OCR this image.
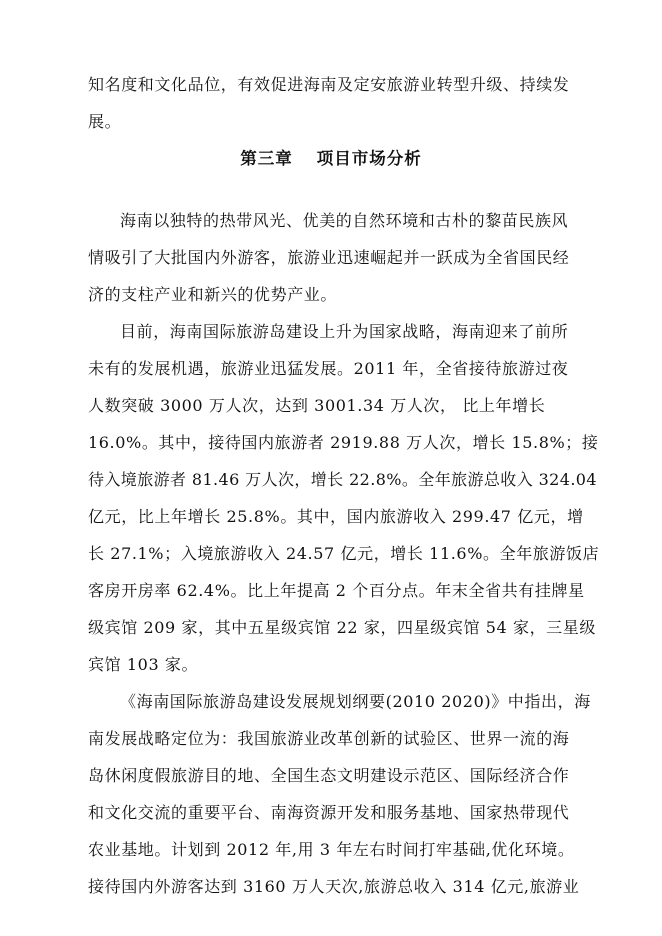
知名度和文化品位，有效促进海南及定安旅游业转型升级、持续发
展。
第三章 项目市场分析
海南以独特的热带风光、优美的自然环境和古朴的黎苗民族风
情吸引了大批国内外游客，旅游业迅速崛起并一跃成为全省国民经
济的支柱产业和新兴的优势产业。
目前，海南国际旅游岛建设上升为国家战略，海南迎来了前所
未有的发展机遇，旅游业迅猛发展。2011 年，全省接待旅游过夜
人数突破 3000 万人次，达到 3001.34 万人次， 比上年增长
16.0%。其中，接待国内旅游者 2919.88 万人次，增长 15.8%；接
待入境旅游者 81.46 万人次，增长 22.8%。全年旅游总收入 324.04
亿元，比上年增长 25.8%。其中，国内旅游收入 299.47 亿元，增
长 27.1%；入境旅游收入 24.57 亿元，增长 11.6%。全年旅游饭店
客房开房率 62.4%。比上年提高 2 个百分点。年末全省共有挂牌星
级宾馆 209 家，其中五星级宾馆 22 家，四星级宾馆 54 家，三星级
宾馆 103 家。
《海南国际旅游岛建设发展规划纲要(2010 2020)》中指出，海
南发展战略定位为：我国旅游业改革创新的试验区、世界一流的海
岛休闲度假旅游目的地、全国生态文明建设示范区、国际经济合作
和文化交流的重要平台、南海资源开发和服务基地、国家热带现代
农业基地。计划到 2012 年,用 3 年左右时间打牢基础,优化环境。
接待国内外游客达到 3160 万人天次,旅游总收入 314 亿元,旅游业
